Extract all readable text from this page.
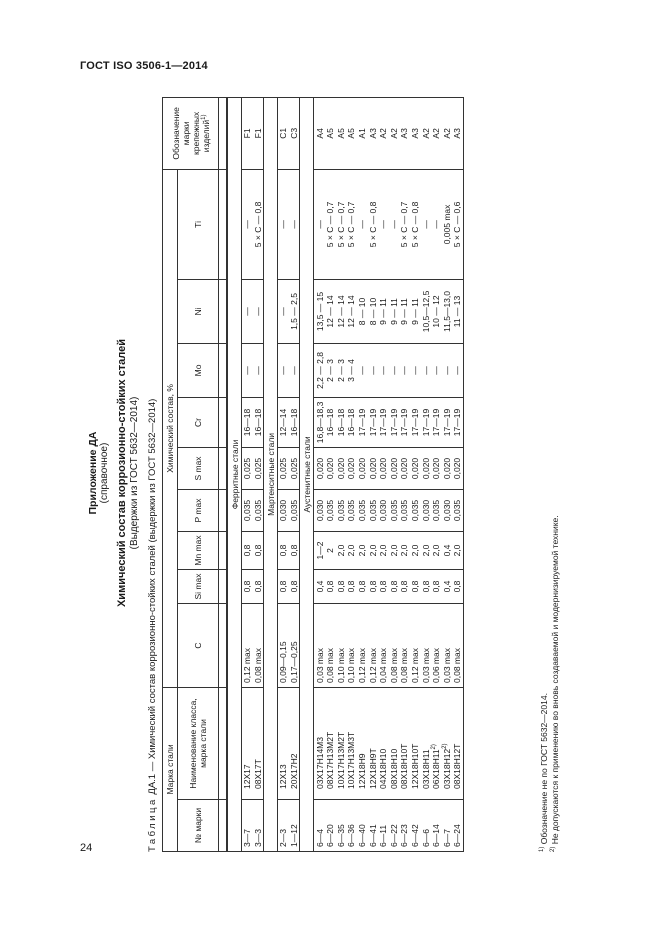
ГОСТ ISO 3506-1—2014
24
Приложение ДА (справочное) Химический состав коррозионно-стойких сталей (Выдержки из ГОСТ 5632—2014)
Таблица ДА.1 — Химический состав коррозионно-стойких сталей (выдержки из ГОСТ 5632—2014) Марка стали		Химический состав, %									Обозначение марки крепежных изделий$^{1)}$
№ марки	Наименование класса, марка стали	C	Si max	Mn max	P max	S max	Cr	Mo	Ni	Ti	

Ферритные стали											
3—7	12Х17	0,12 max	0,8	0,8	0,035	0,025	16—18	—	—	—	F1
3—3	08Х17Т	0,08 max	0,8	0,8	0,035	0,025	16—18	—	—	5 × С — 0,8	F1
Мартенситные стали											
2—3	12Х13	0,09—0,15	0,8	0,8	0,030	0,025	12—14	—	—	—	C1
1—12	20Х17Н2	0,17—0,25	0,8	0,8	0,035	0,025	16—18	—	1,5 — 2,5	—	C3
Аустенитные стали											
6—4	03Х17Н14М3	0,03 max	0,4	1—2	0,030	0,020	16,8—18,3	2,2 — 2,8	13,5 — 15	—	A4
6—20	08Х17Н13М2Т	0,08 max	0,8	2	0,035	0,020	16—18	2 — 3	12 — 14	5 × С — 0,7	A5
6—35	10Х17Н13М2Т	0,10 max	0,8	2,0	0,035	0,020	16—18	2 — 3	12 — 14	5 × С — 0,7	A5
6—36	10Х17Н13М3Т	0,10 max	0,8	2,0	0,035	0,020	16—18	3 — 4	12 — 14	5 × С — 0,7	A5
6—40	12Х18Н9	0,12 max	0,8	2,0	0,035	0,020	17—19	—	8 — 10	—	A1
6—41	12Х18Н9Т	0,12 max	0,8	2,0	0,035	0,020	17—19	—	8 — 10	5 × С — 0,8	A3
6—11	04Х18Н10	0,04 max	0,8	2,0	0,030	0,020	17—19	—	9 — 11	—	A2
6—22	08Х18Н10	0,08 max	0,8	2,0	0,035	0,020	17—19	—	9 — 11	—	A2
6—23	08Х18Н10Т	0,08 max	0,8	2,0	0,035	0,020	17—19	—	9 — 11	5 × С — 0,7	A3
6—42	12Х18Н10Т	0,12 max	0,8	2,0	0,035	0,020	17—19	—	9 — 11	5 × С — 0,8	A3
6—6	03Х18Н11	0,03 max	0,8	2,0	0,030	0,020	17—19	—	10,5—12,5	—	A2
6—14	06Х18Н11$^{2)}$	0,06 max	0,8	2,0	0,035	0,020	17—19	—	10 — 12	—	A2
6—7	03Х18Н12$^{2)}$	0,03 max	0,4	0,4	0,030	0,020	17—19	—	11,5—13,0	0,005 max	A2
6—24	08Х18Н12Т	0,08 max	0,8	2,0	0,035	0,020	17—19	—	11 — 13	5 × С — 0,6	A3
$^{1)}$ Обозначение не по ГОСТ 5632—2014.
$^{2)}$ Не допускаются к применению во вновь создаваемой и модернизируемой технике.
